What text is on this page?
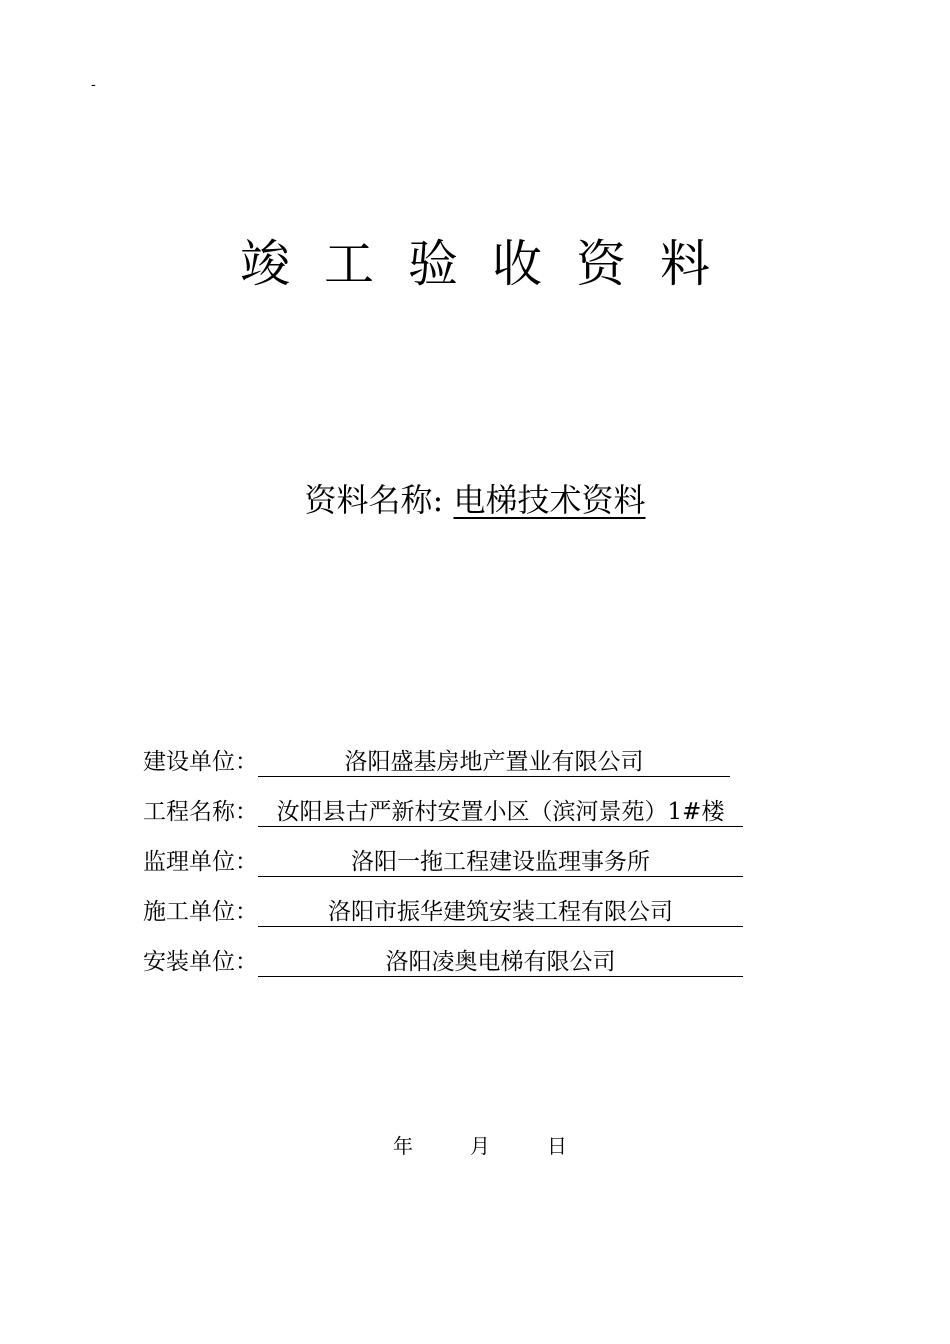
-
竣工验收资料
资料名称: 电梯技术资料
建设单位：	洛阳盛基房地产置业有限公司
工程名称： 汝阳县古严新村安置小区（滨河景苑）1#楼
监理单位：	洛阳一拖工程建设监理事务所
施工单位：	洛阳市振华建筑安装工程有限公司
安装单位：	洛阳凌奥电梯有限公司
年	月	日
